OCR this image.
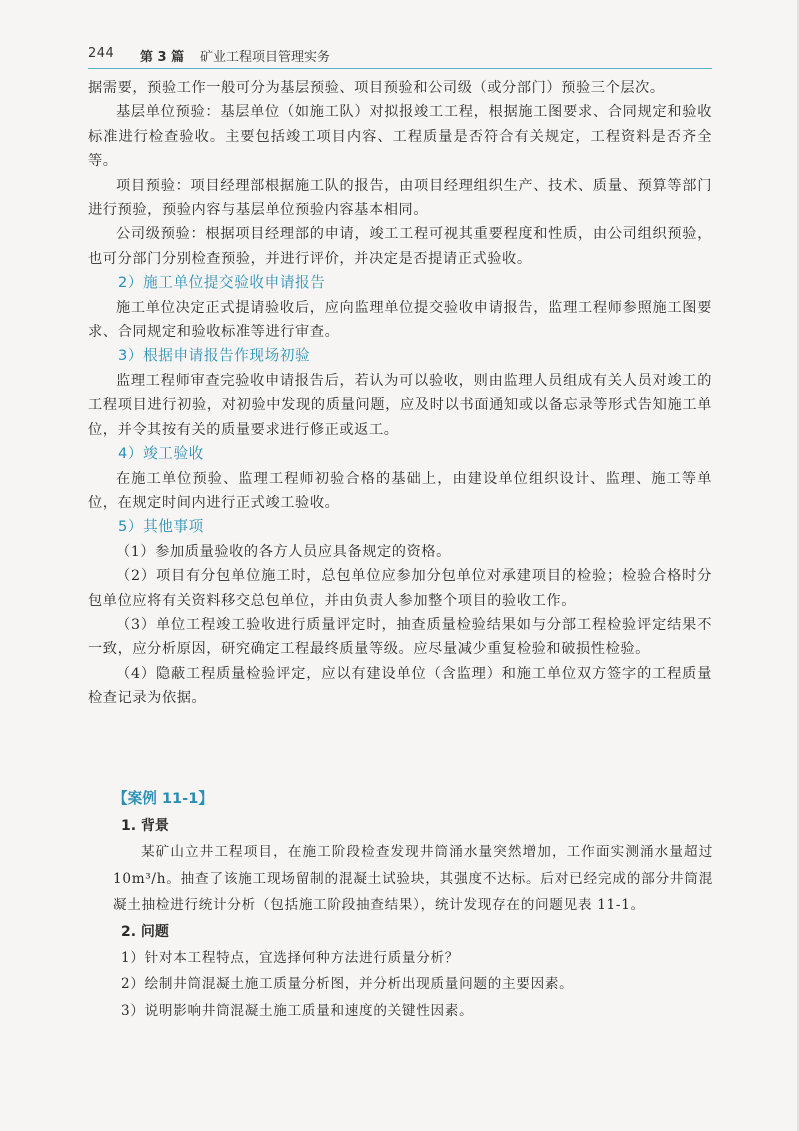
244 第 3 篇 矿业工程项目管理实务

据需要，预验工作一般可分为基层预验、项目预验和公司级（或分部门）预验三个层次。

基层单位预验：基层单位（如施工队）对拟报竣工工程，根据施工图要求、合同规定和验收标准进行检查验收。主要包括竣工项目内容、工程质量是否符合有关规定，工程资料是否齐全等。

项目预验：项目经理部根据施工队的报告，由项目经理组织生产、技术、质量、预算等部门进行预验，预验内容与基层单位预验内容基本相同。

公司级预验：根据项目经理部的申请，竣工工程可视其重要程度和性质，由公司组织预验，也可分部门分别检查预验，并进行评价，并决定是否提请正式验收。

2）施工单位提交验收申请报告

施工单位决定正式提请验收后，应向监理单位提交验收申请报告，监理工程师参照施工图要求、合同规定和验收标准等进行审查。

3）根据申请报告作现场初验

监理工程师审查完验收申请报告后，若认为可以验收，则由监理人员组成有关人员对竣工的工程项目进行初验，对初验中发现的质量问题，应及时以书面通知或以备忘录等形式告知施工单位，并令其按有关的质量要求进行修正或返工。

4）竣工验收

在施工单位预验、监理工程师初验合格的基础上，由建设单位组织设计、监理、施工等单位，在规定时间内进行正式竣工验收。

5）其他事项

（1）参加质量验收的各方人员应具备规定的资格。

（2）项目有分包单位施工时，总包单位应参加分包单位对承建项目的检验；检验合格时分包单位应将有关资料移交总包单位，并由负责人参加整个项目的验收工作。

（3）单位工程竣工验收进行质量评定时，抽查质量检验结果如与分部工程检验评定结果不一致，应分析原因，研究确定工程最终质量等级。应尽量减少重复检验和破损性检验。

（4）隐蔽工程质量检验评定，应以有建设单位（含监理）和施工单位双方签字的工程质量检查记录为依据。

【案例 11-1】
1. 背景

某矿山立井工程项目，在施工阶段检查发现井筒涌水量突然增加，工作面实测涌水量超过 10m³/h。抽查了该施工现场留制的混凝土试验块，其强度不达标。后对已经完成的部分井筒混凝土抽检进行统计分析（包括施工阶段抽查结果），统计发现存在的问题见表 11-1。

2. 问题

1）针对本工程特点，宜选择何种方法进行质量分析？

2）绘制井筒混凝土施工质量分析图，并分析出现质量问题的主要因素。

3）说明影响井筒混凝土施工质量和速度的关键性因素。
